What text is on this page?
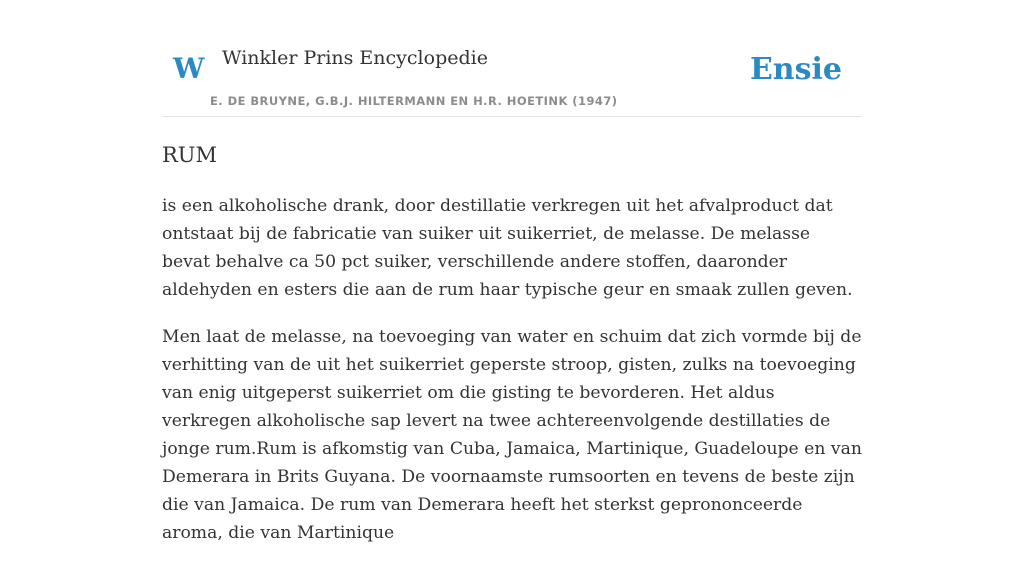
W Winkler Prins Encyclopedie
E. DE BRUYNE, G.B.J. HILTERMANN EN H.R. HOETINK (1947)
Ensie
RUM

is een alkoholische drank, door destillatie verkregen uit het afvalproduct dat ontstaat bij de fabricatie van suiker uit suikerriet, de melasse. De melasse bevat behalve ca 50 pct suiker, verschillende andere stoffen, daaronder aldehyden en esters die aan de rum haar typische geur en smaak zullen geven.

Men laat de melasse, na toevoeging van water en schuim dat zich vormde bij de verhitting van de uit het suikerriet geperste stroop, gisten, zulks na toevoeging van enig uitgeperst suikerriet om die gisting te bevorderen. Het aldus verkregen alkoholische sap levert na twee achtereenvolgende destillaties de jonge rum.Rum is afkomstig van Cuba, Jamaica, Martinique, Guadeloupe en van Demerara in Brits Guyana. De voornaamste rumsoorten en tevens de beste zijn die van Jamaica. De rum van Demerara heeft het sterkst geprononceerde aroma, die van Martinique
